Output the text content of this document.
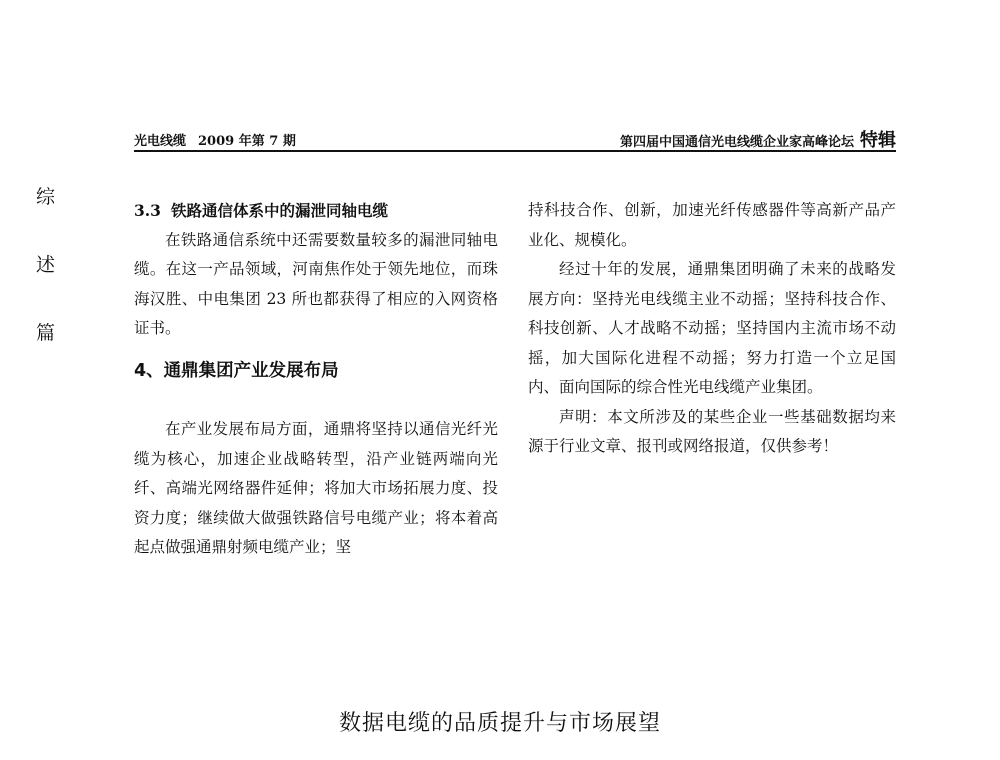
光电线缆 2009 年第 7 期	第四届中国通信光电线缆企业家高峰论坛 特辑
综
述
篇

3.3 铁路通信体系中的漏泄同轴电缆

在铁路通信系统中还需要数量较多的漏泄同轴电缆。在这一产品领域，河南焦作处于领先地位，而珠海汉胜、中电集团 23 所也都获得了相应的入网资格证书。

4、通鼎集团产业发展布局

在产业发展布局方面，通鼎将坚持以通信光纤光缆为核心，加速企业战略转型，沿产业链两端向光纤、高端光网络器件延伸；将加大市场拓展力度、投资力度；继续做大做强铁路信号电缆产业；将本着高起点做强通鼎射频电缆产业；坚

持科技合作、创新，加速光纤传感器件等高新产品产业化、规模化。

经过十年的发展，通鼎集团明确了未来的战略发展方向：坚持光电线缆主业不动摇；坚持科技合作、科技创新、人才战略不动摇；坚持国内主流市场不动摇，加大国际化进程不动摇；努力打造一个立足国内、面向国际的综合性光电线缆产业集团。

声明：本文所涉及的某些企业一些基础数据均来源于行业文章、报刊或网络报道，仅供参考！

数据电缆的品质提升与市场展望
